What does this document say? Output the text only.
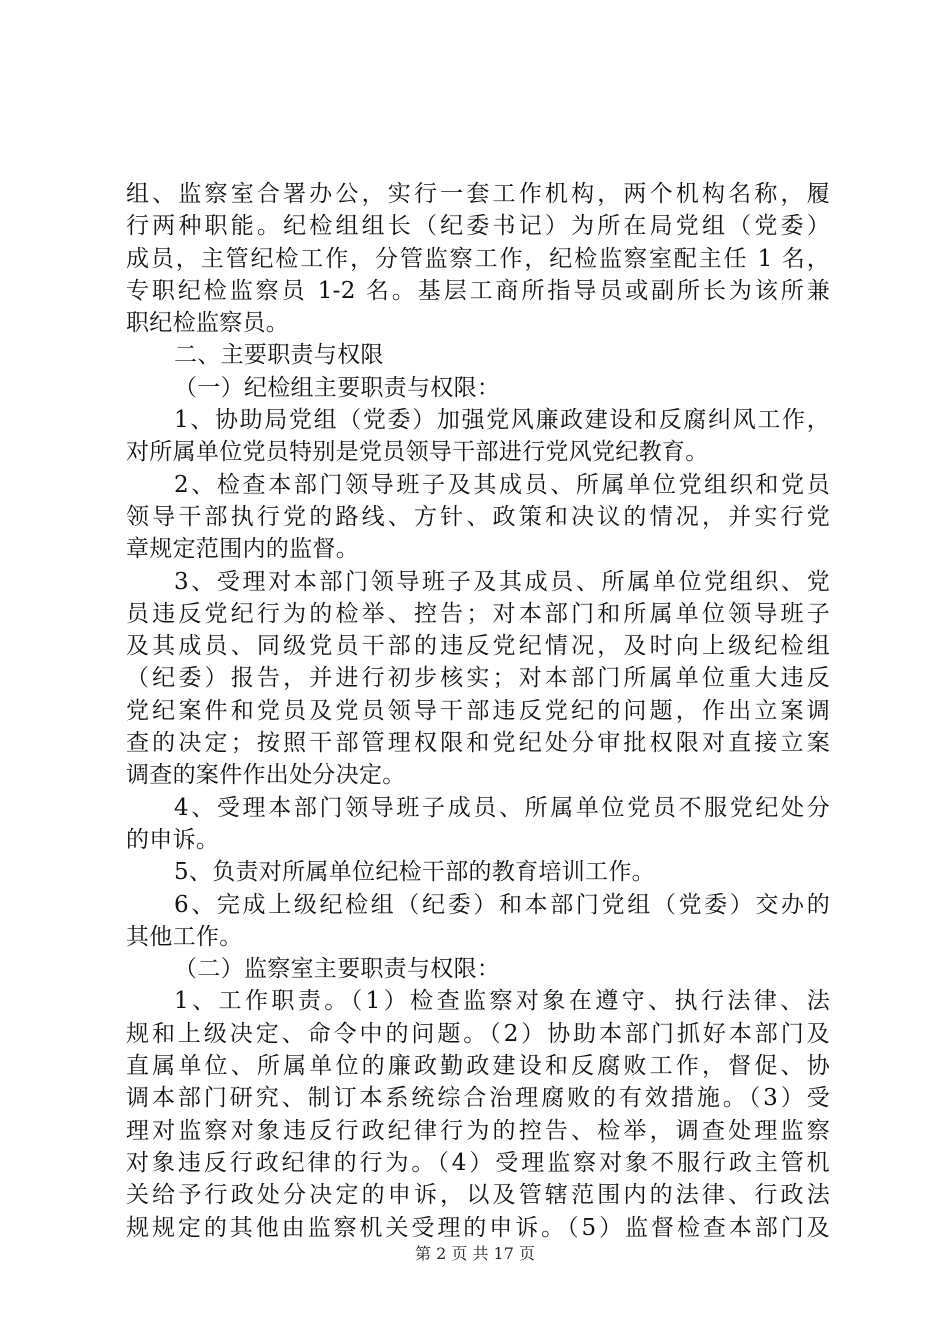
组、监察室合署办公，实行一套工作机构，两个机构名称，履
行两种职能。纪检组组长（纪委书记）为所在局党组（党委）
成员，主管纪检工作，分管监察工作，纪检监察室配主任 1 名，
专职纪检监察员 1-2 名。基层工商所指导员或副所长为该所兼
职纪检监察员。
二、主要职责与权限
（一）纪检组主要职责与权限：
1、协助局党组（党委）加强党风廉政建设和反腐纠风工作，
对所属单位党员特别是党员领导干部进行党风党纪教育。
2、检查本部门领导班子及其成员、所属单位党组织和党员
领导干部执行党的路线、方针、政策和决议的情况，并实行党
章规定范围内的监督。
3、受理对本部门领导班子及其成员、所属单位党组织、党
员违反党纪行为的检举、控告；对本部门和所属单位领导班子
及其成员、同级党员干部的违反党纪情况，及时向上级纪检组
（纪委）报告，并进行初步核实；对本部门所属单位重大违反
党纪案件和党员及党员领导干部违反党纪的问题，作出立案调
查的决定；按照干部管理权限和党纪处分审批权限对直接立案
调查的案件作出处分决定。
4、受理本部门领导班子成员、所属单位党员不服党纪处分
的申诉。
5、负责对所属单位纪检干部的教育培训工作。
6、完成上级纪检组（纪委）和本部门党组（党委）交办的
其他工作。
（二）监察室主要职责与权限：
1、工作职责。（1）检查监察对象在遵守、执行法律、法
规和上级决定、命令中的问题。（2）协助本部门抓好本部门及
直属单位、所属单位的廉政勤政建设和反腐败工作，督促、协
调本部门研究、制订本系统综合治理腐败的有效措施。（3）受
理对监察对象违反行政纪律行为的控告、检举，调查处理监察
对象违反行政纪律的行为。（4）受理监察对象不服行政主管机
关给予行政处分决定的申诉，以及管辖范围内的法律、行政法
规规定的其他由监察机关受理的申诉。（5）监督检查本部门及
第 2 页 共 17 页
